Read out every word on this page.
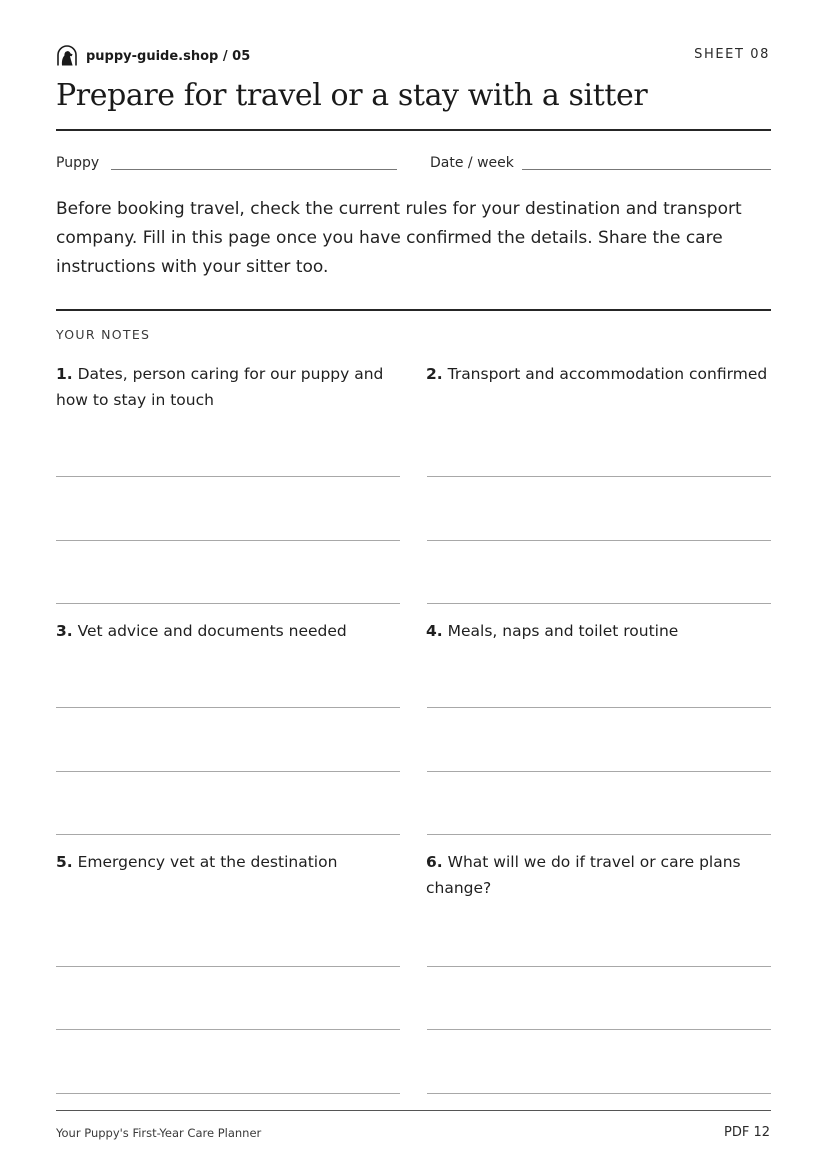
puppy-guide.shop / 05	SHEET 08
Prepare for travel or a stay with a sitter
Puppy	Date / week

Before booking travel, check the current rules for your destination and transport company. Fill in this page once you have confirmed the details. Share the care instructions with your sitter too.

YOUR NOTES

1. Dates, person caring for our puppy and how to stay in touch

2. Transport and accommodation confirmed

3. Vet advice and documents needed	4. Meals, naps and toilet routine

5. Emergency vet at the destination	6. What will we do if travel or care plans change?

Your Puppy's First-Year Care Planner	PDF 12
